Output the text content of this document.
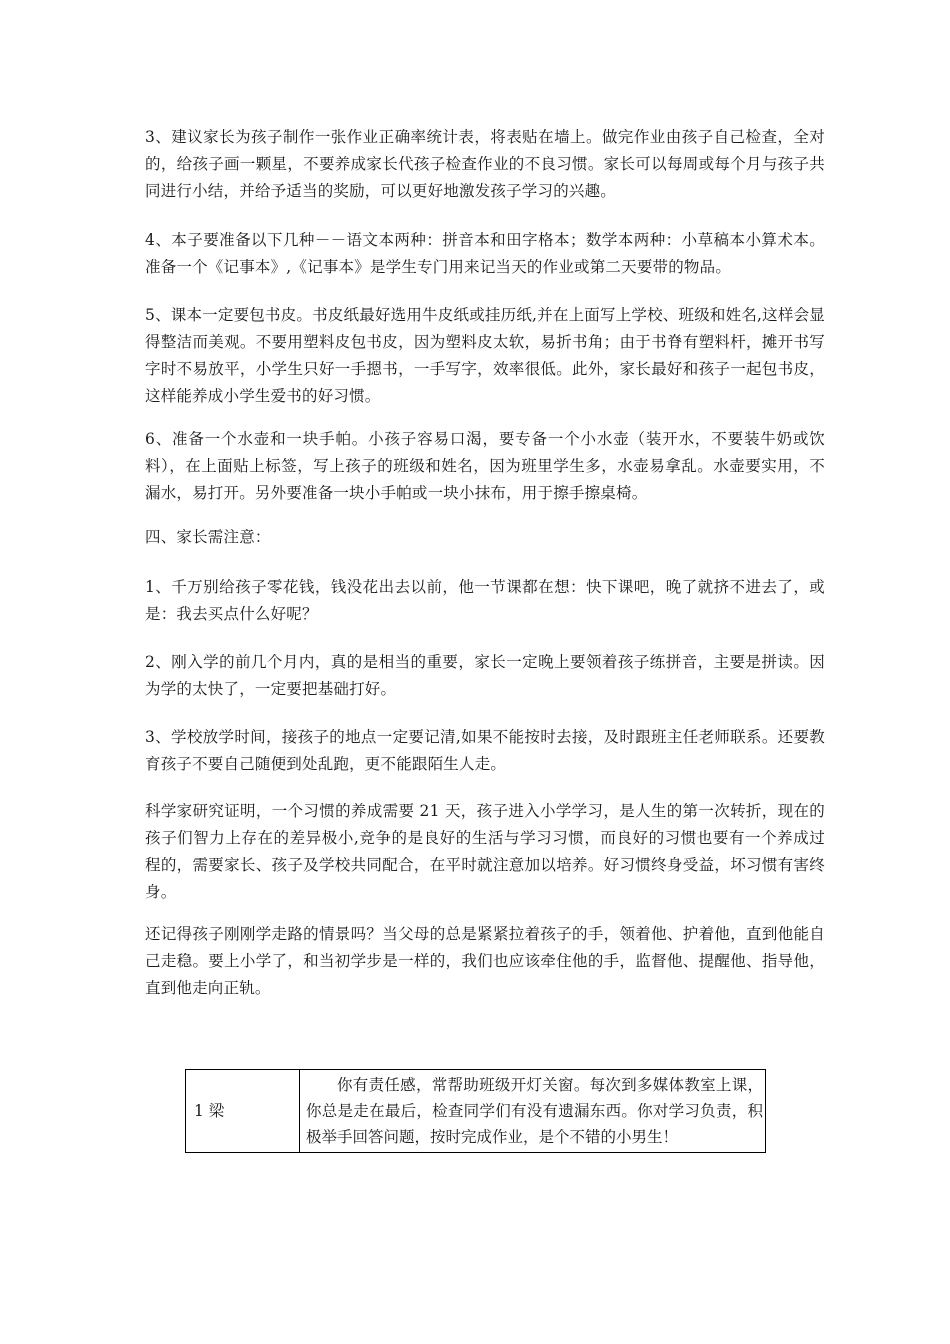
3、建议家长为孩子制作一张作业正确率统计表，将表贴在墙上。做完作业由孩子自己检查，全对的，给孩子画一颗星，不要养成家长代孩子检查作业的不良习惯。家长可以每周或每个月与孩子共同进行小结，并给予适当的奖励，可以更好地激发孩子学习的兴趣。

4、本子要准备以下几种－－语文本两种：拼音本和田字格本；数学本两种：小草稿本小算术本。准备一个《记事本》,《记事本》是学生专门用来记当天的作业或第二天要带的物品。

5、课本一定要包书皮。书皮纸最好选用牛皮纸或挂历纸,并在上面写上学校、班级和姓名,这样会显得整洁而美观。不要用塑料皮包书皮，因为塑料皮太软，易折书角；由于书脊有塑料杆，摊开书写字时不易放平，小学生只好一手摁书，一手写字，效率很低。此外，家长最好和孩子一起包书皮，这样能养成小学生爱书的好习惯。

6、准备一个水壶和一块手帕。小孩子容易口渴，要专备一个小水壶（装开水，不要装牛奶或饮料），在上面贴上标签，写上孩子的班级和姓名，因为班里学生多，水壶易拿乱。水壶要实用，不漏水，易打开。另外要准备一块小手帕或一块小抹布，用于擦手擦桌椅。

四、家长需注意：

1、千万别给孩子零花钱，钱没花出去以前，他一节课都在想：快下课吧，晚了就挤不进去了，或是：我去买点什么好呢？

2、刚入学的前几个月内，真的是相当的重要，家长一定晚上要领着孩子练拼音，主要是拼读。因为学的太快了，一定要把基础打好。

3、学校放学时间，接孩子的地点一定要记清,如果不能按时去接，及时跟班主任老师联系。还要教育孩子不要自己随便到处乱跑，更不能跟陌生人走。

科学家研究证明，一个习惯的养成需要 21 天，孩子进入小学学习，是人生的第一次转折，现在的孩子们智力上存在的差异极小,竞争的是良好的生活与学习习惯，而良好的习惯也要有一个养成过程的，需要家长、孩子及学校共同配合，在平时就注意加以培养。好习惯终身受益，坏习惯有害终身。

还记得孩子刚刚学走路的情景吗？当父母的总是紧紧拉着孩子的手，领着他、护着他，直到他能自己走稳。要上小学了，和当初学步是一样的，我们也应该牵住他的手，监督他、提醒他、指导他，直到他走向正轨。

1 梁	你有责任感，常帮助班级开灯关窗。每次到多媒体教室上课，你总是走在最后，检查同学们有没有遗漏东西。你对学习负责，积极举手回答问题，按时完成作业，是个不错的小男生！
